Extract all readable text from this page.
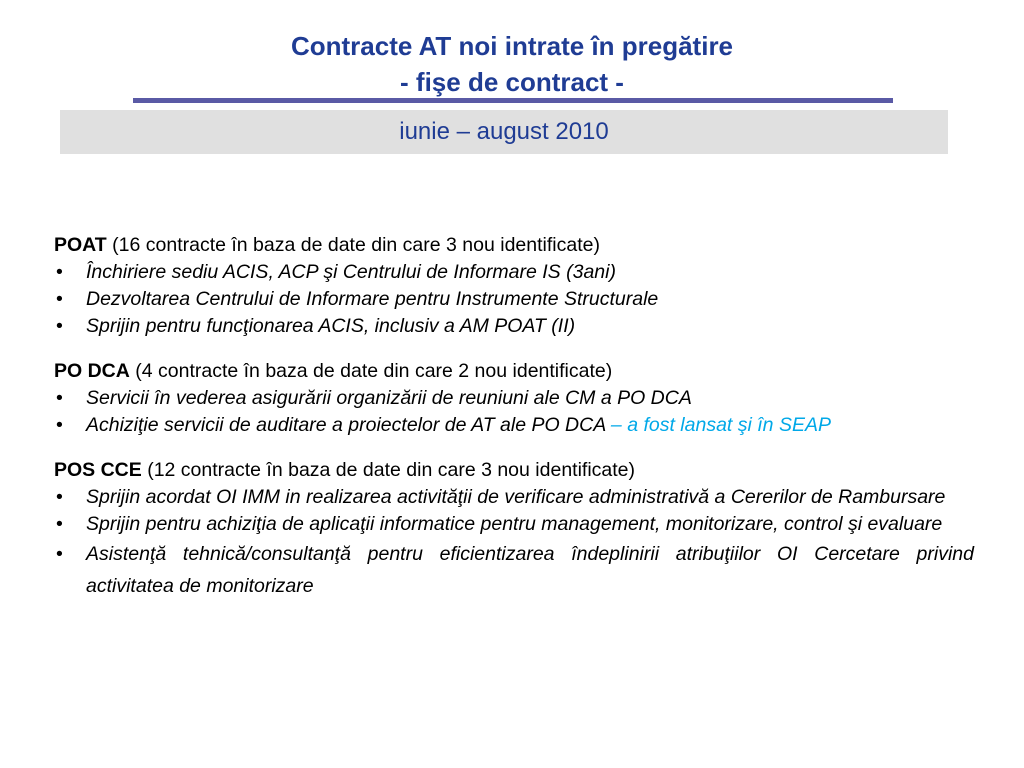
Contracte AT noi intrate în pregătire
- fişe de contract -
iunie – august 2010
POAT (16 contracte în baza de date din care 3 nou identificate)
• Închiriere sediu ACIS, ACP şi Centrului de Informare IS (3ani)
• Dezvoltarea Centrului de Informare pentru Instrumente Structurale
• Sprijin pentru funcţionarea ACIS, inclusiv a AM POAT (II)
PO DCA (4 contracte în baza de date din care 2 nou identificate)
• Servicii în vederea asigurării organizării de reuniuni ale CM a PO DCA
• Achiziţie servicii de auditare a proiectelor de AT ale PO DCA – a fost lansat şi în SEAP
POS CCE (12 contracte în baza de date din care 3 nou identificate)
• Sprijin acordat OI IMM in realizarea activităţii de verificare administrativă a Cererilor de Rambursare
• Sprijin pentru achiziţia de aplicaţii informatice pentru management, monitorizare, control şi evaluare
• Asistenţă tehnică/consultanţă pentru eficientizarea îndeplinirii atribuţiilor OI Cercetare privind activitatea de monitorizare
